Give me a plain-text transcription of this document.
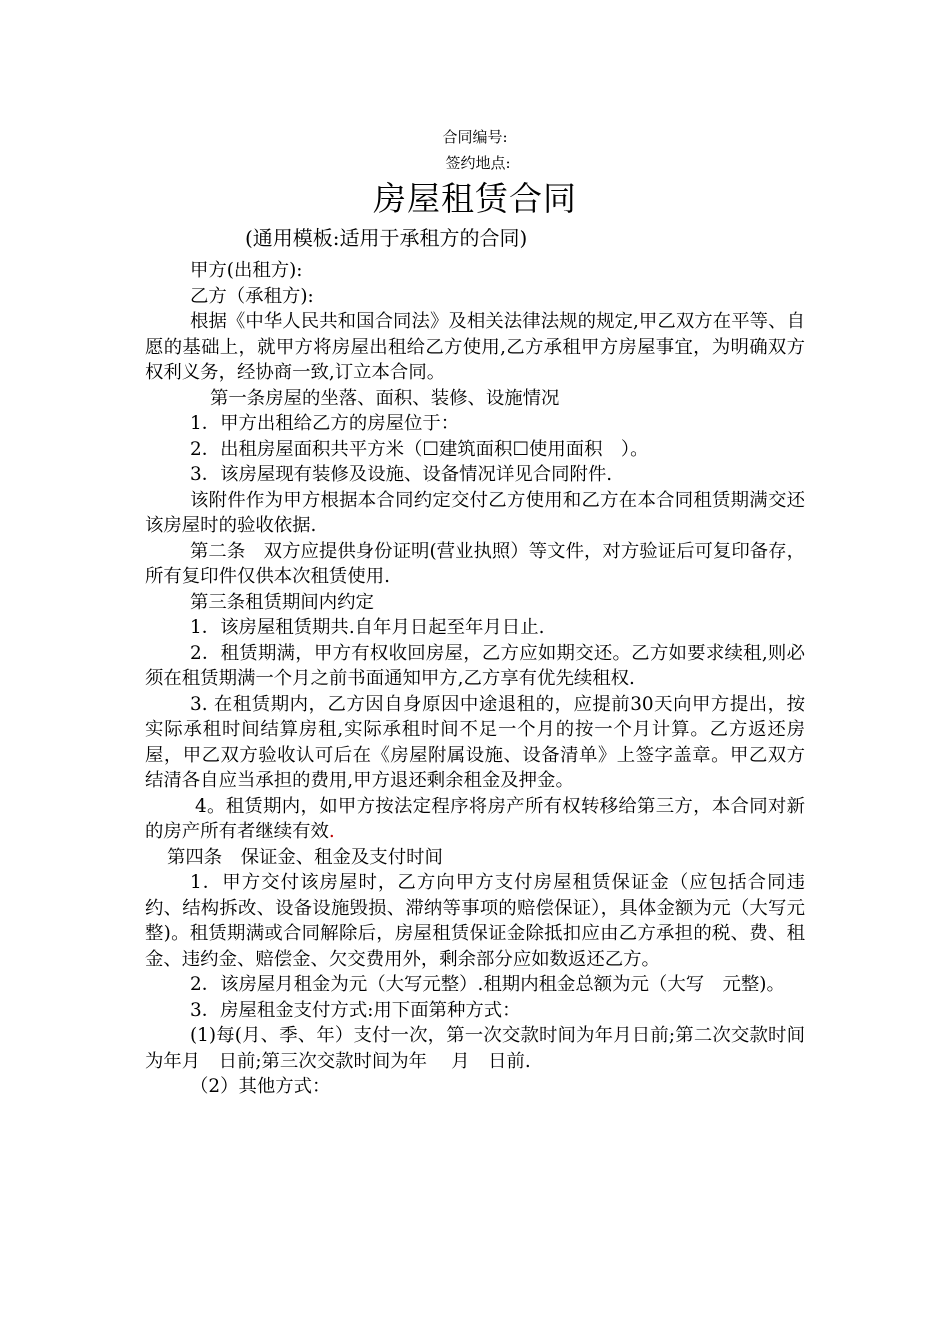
合同编号:
签约地点:
房屋租赁合同
(通用模板:适用于承租方的合同)

甲方(出租方):

乙方（承租方):

根据《中华人民共和国合同法》及相关法律法规的规定,甲乙双方在平等、自愿的基础上，就甲方将房屋出租给乙方使用,乙方承租甲方房屋事宜，为明确双方权利义务，经协商一致,订立本合同。

第一条房屋的坐落、面积、装修、设施情况

1．甲方出租给乙方的房屋位于：

2．出租房屋面积共平方米（☐建筑面积☐使用面积　）。

3．该房屋现有装修及设施、设备情况详见合同附件.

该附件作为甲方根据本合同约定交付乙方使用和乙方在本合同租赁期满交还该房屋时的验收依据.

第二条　双方应提供身份证明(营业执照）等文件，对方验证后可复印备存，所有复印件仅供本次租赁使用.

第三条租赁期间内约定

1．该房屋租赁期共.自年月日起至年月日止.

2．租赁期满，甲方有权收回房屋，乙方应如期交还。乙方如要求续租,则必须在租赁期满一个月之前书面通知甲方,乙方享有优先续租权.

3. 在租赁期内，乙方因自身原因中途退租的，应提前30天向甲方提出，按实际承租时间结算房租,实际承租时间不足一个月的按一个月计算。乙方返还房屋，甲乙双方验收认可后在《房屋附属设施、设备清单》上签字盖章。甲乙双方结清各自应当承担的费用,甲方退还剩余租金及押金。

4。租赁期内，如甲方按法定程序将房产所有权转移给第三方，本合同对新的房产所有者继续有效.

第四条　保证金、租金及支付时间

1．甲方交付该房屋时，乙方向甲方支付房屋租赁保证金（应包括合同违约、结构拆改、设备设施毁损、滞纳等事项的赔偿保证），具体金额为元（大写元整)。租赁期满或合同解除后，房屋租赁保证金除抵扣应由乙方承担的税、费、租金、违约金、赔偿金、欠交费用外，剩余部分应如数返还乙方。

2．该房屋月租金为元（大写元整）.租期内租金总额为元（大写　元整)。

3．房屋租金支付方式:用下面第种方式：

(1)每(月、季、年）支付一次，第一次交款时间为年月日前;第二次交款时间为年月　日前;第三次交款时间为年　 月　日前.

（2）其他方式：
